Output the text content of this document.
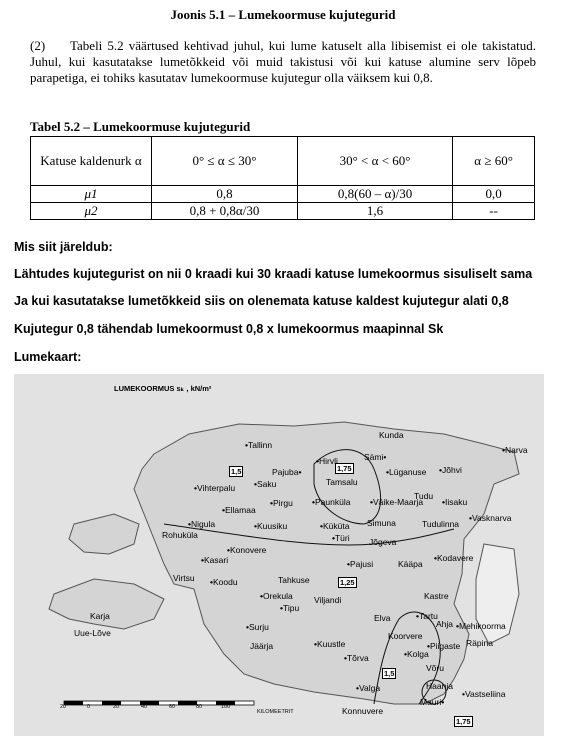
Joonis 5.1 – Lumekoormuse kujutegurid
(2) Tabeli 5.2 väärtused kehtivad juhul, kui lume katuselt alla libisemist ei ole takistatud. Juhul, kui kasutatakse lumetõkkeid või muid takistusi või kui katuse alumine serv lõpeb parapetiga, ei tohiks kasutatav lumekoormuse kujutegur olla väiksem kui 0,8.
Tabel 5.2 – Lumekoormuse kujutegurid
Katuse kaldenurk α	0° ≤ α ≤ 30°	30° < α < 60°	α ≥ 60°
μ1	0,8	0,8(60 – α)/30	0,0
μ2	0,8 + 0,8α/30	1,6	--
Mis siit järeldub:
Lähtudes kujutegurist on nii 0 kraadi kui 30 kraadi katuse lumekoormus sisuliselt sama
Ja kui kasutatakse lumetõkkeid siis on olenemata katuse kaldest kujutegur alati 0,8
Kujutegur 0,8 tähendab lumekoormust 0,8 x lumekoormus maapinnal Sk
Lumekaart:
LUMEKOORMUS sₖ , kN/m²
1,5	1,75
1,25
1,5
1,75
20	0	20	40	60	80	100
KILOMEETRIT
Kunda
•Tallinn
•Hirvli	Sämi•
•Narva
Pajuba•	•Lüganuse •Jõhvi
•Vihterpalu •Saku	Tamsalu
Tudu
•Ellamaa
•Pirgu •Paunküla •Väike-Maarja •Iisaku
•Nigula	•Kuusiku	•Küküta Simuna	Tudulinna
•Vasknarva
Rohuküla	•Türi Jõgeva
•Konovere
•Kasari	•Pajusi	Kääpa
•Kodavere
Virtsu •Koodu	Tahkuse
Kastre
Karja
•Orekula
•Tipu
Viljandi
Uue-Lõve
Elva	•Tartu
Ahja •Mehikoorma
•Surju
Koorvere
•Piigaste Räpina
Jäärja	•Kuustle
•Kolga
•Tõrva
Võru
•Valga	Haanja
Mauri•
•Vastseliina
Konnuvere
